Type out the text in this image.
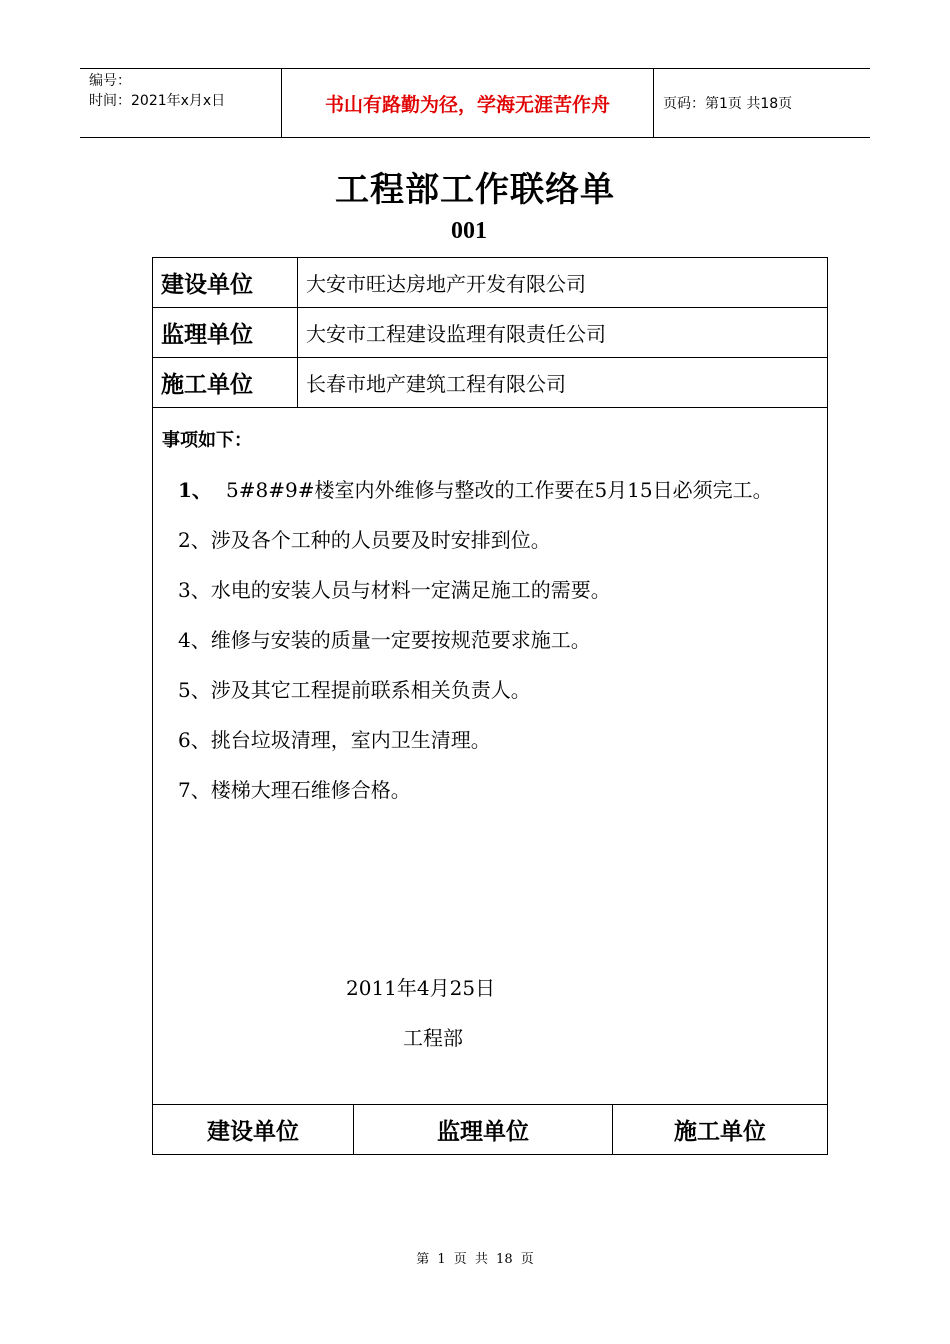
编号：
时间：2021年x月x日	书山有路勤为径，学海无涯苦作舟	页码：第1页 共18页
工程部工作联络单
001
建设单位	大安市旺达房地产开发有限公司
监理单位	大安市工程建设监理有限责任公司
施工单位	长春市地产建筑工程有限公司
事项如下：
1、 5#8#9#楼室内外维修与整改的工作要在5月15日必须完工。
2、涉及各个工种的人员要及时安排到位。
3、水电的安装人员与材料一定满足施工的需要。
4、维修与安装的质量一定要按规范要求施工。
5、涉及其它工程提前联系相关负责人。
6、挑台垃圾清理，室内卫生清理。
7、楼梯大理石维修合格。
2011年4月25日
工程部
建设单位	监理单位	施工单位
第 1 页 共 18 页
